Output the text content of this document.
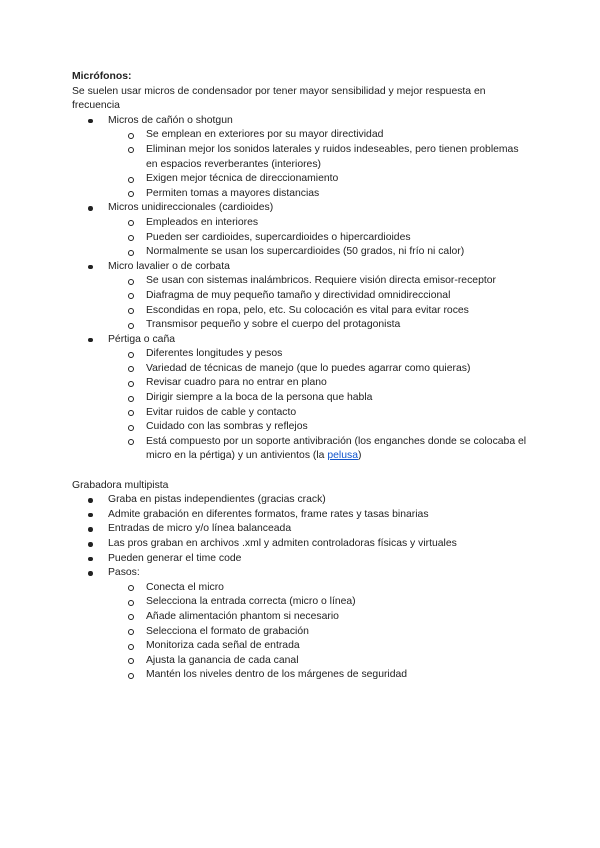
Micrófonos:
Se suelen usar micros de condensador por tener mayor sensibilidad y mejor respuesta en frecuencia
Micros de cañón o shotgun
Se emplean en exteriores por su mayor directividad
Eliminan mejor los sonidos laterales y ruidos indeseables, pero tienen problemas en espacios reverberantes (interiores)
Exigen mejor técnica de direccionamiento
Permiten tomas a mayores distancias
Micros unidireccionales (cardioides)
Empleados en interiores
Pueden ser cardioides, supercardioides o hipercardioides
Normalmente se usan los supercardioides (50 grados, ni frío ni calor)
Micro lavalier o de corbata
Se usan con sistemas inalámbricos. Requiere visión directa emisor-receptor
Diafragma de muy pequeño tamaño y directividad omnidireccional
Escondidas en ropa, pelo, etc. Su colocación es vital para evitar roces
Transmisor pequeño y sobre el cuerpo del protagonista
Pértiga o caña
Diferentes longitudes y pesos
Variedad de técnicas de manejo (que lo puedes agarrar como quieras)
Revisar cuadro para no entrar en plano
Dirigir siempre a la boca de la persona que habla
Evitar ruidos de cable y contacto
Cuidado con las sombras y reflejos
Está compuesto por un soporte antivibración (los enganches donde se colocaba el micro en la pértiga) y un antivientos (la pelusa)
Grabadora multipista
Graba en pistas independientes (gracias crack)
Admite grabación en diferentes formatos, frame rates y tasas binarias
Entradas de micro y/o línea balanceada
Las pros graban en archivos .xml y admiten controladoras físicas y virtuales
Pueden generar el time code
Pasos:
Conecta el micro
Selecciona la entrada correcta (micro o línea)
Añade alimentación phantom si necesario
Selecciona el formato de grabación
Monitoriza cada señal de entrada
Ajusta la ganancia de cada canal
Mantén los niveles dentro de los márgenes de seguridad
